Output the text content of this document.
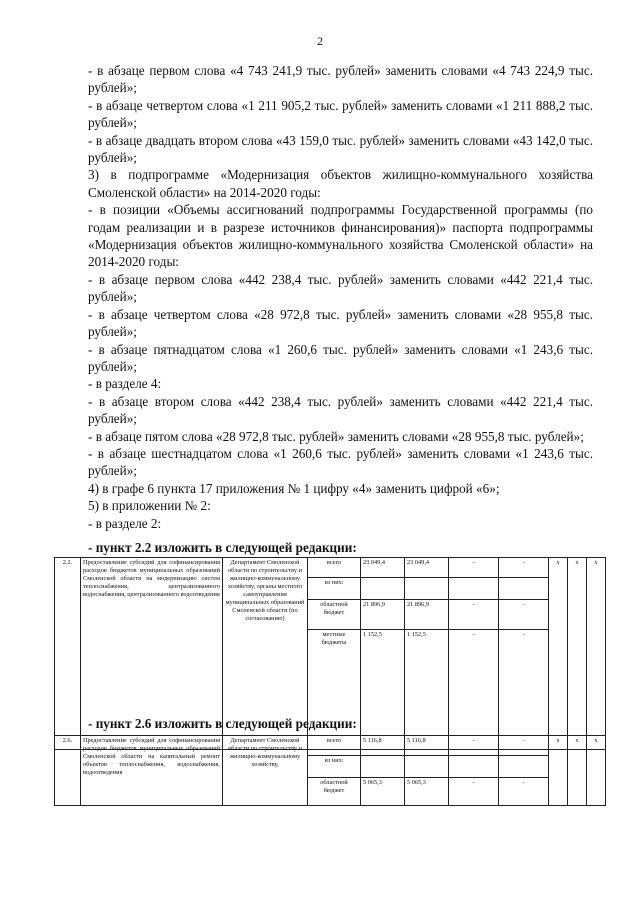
2

- в абзаце первом слова «4 743 241,9 тыс. рублей» заменить словами «4 743 224,9 тыс. рублей»;

- в абзаце четвертом слова «1 211 905,2 тыс. рублей» заменить словами «1 211 888,2 тыс. рублей»;

- в абзаце двадцать втором слова «43 159,0 тыс. рублей» заменить словами «43 142,0 тыс. рублей»;

3) в подпрограмме «Модернизация объектов жилищно-коммунального хозяйства Смоленской области» на 2014-2020 годы:

- в позиции «Объемы ассигнований подпрограммы Государственной программы (по годам реализации и в разрезе источников финансирования)» паспорта подпрограммы «Модернизация объектов жилищно-коммунального хозяйства Смоленской области» на 2014-2020 годы:

- в абзаце первом слова «442 238,4 тыс. рублей» заменить словами «442 221,4 тыс. рублей»;

- в абзаце четвертом слова «28 972,8 тыс. рублей» заменить словами «28 955,8 тыс. рублей»;

- в абзаце пятнадцатом слова «1 260,6 тыс. рублей» заменить словами «1 243,6 тыс. рублей»;

- в разделе 4:

- в абзаце втором слова «442 238,4 тыс. рублей» заменить словами «442 221,4 тыс. рублей»;

- в абзаце пятом слова «28 972,8 тыс. рублей» заменить словами «28 955,8 тыс. рублей»;

- в абзаце шестнадцатом слова «1 260,6 тыс. рублей» заменить словами «1 243,6 тыс. рублей»;

4) в графе 6 пункта 17 приложения № 1 цифру «4» заменить цифрой «6»;

5) в приложении № 2:

- в разделе 2:

- пункт 2.2 изложить в следующей редакции:
2.2.	Предоставление субсидий для софинансирования расходов бюджетов муниципальных образований Смоленской области на модернизацию систем теплоснабжения, централизованного водоснабжения, централизованного водоотведения	Департамент Смоленской области по строительству и жилищно-коммунальному хозяйству, органы местного самоуправления муниципальных образований Смоленской области (по согласованию)	всего	23 049,4	23 049,4	-	-	х	х	х
			из них:							
			областной бюджет	21 896,9	21 896,9	-	-			
			местные бюджеты	1 152,5	1 152,5	-	-			
- пункт 2.6 изложить в следующей редакции:
2.6.	Предоставление субсидий для софинансирования расходов бюджетов муниципальных образований Смоленской области на капитальный ремонт объектов теплоснабжения, водоснабжения, водоотведения	Департамент Смоленской области по строительству и жилищно-коммунальному хозяйству,	всего	5 116,8	5 116,8	-	-	х	х	х
			из них:							
			областной бюджет	5 065,3	5 065,3	-	-			
